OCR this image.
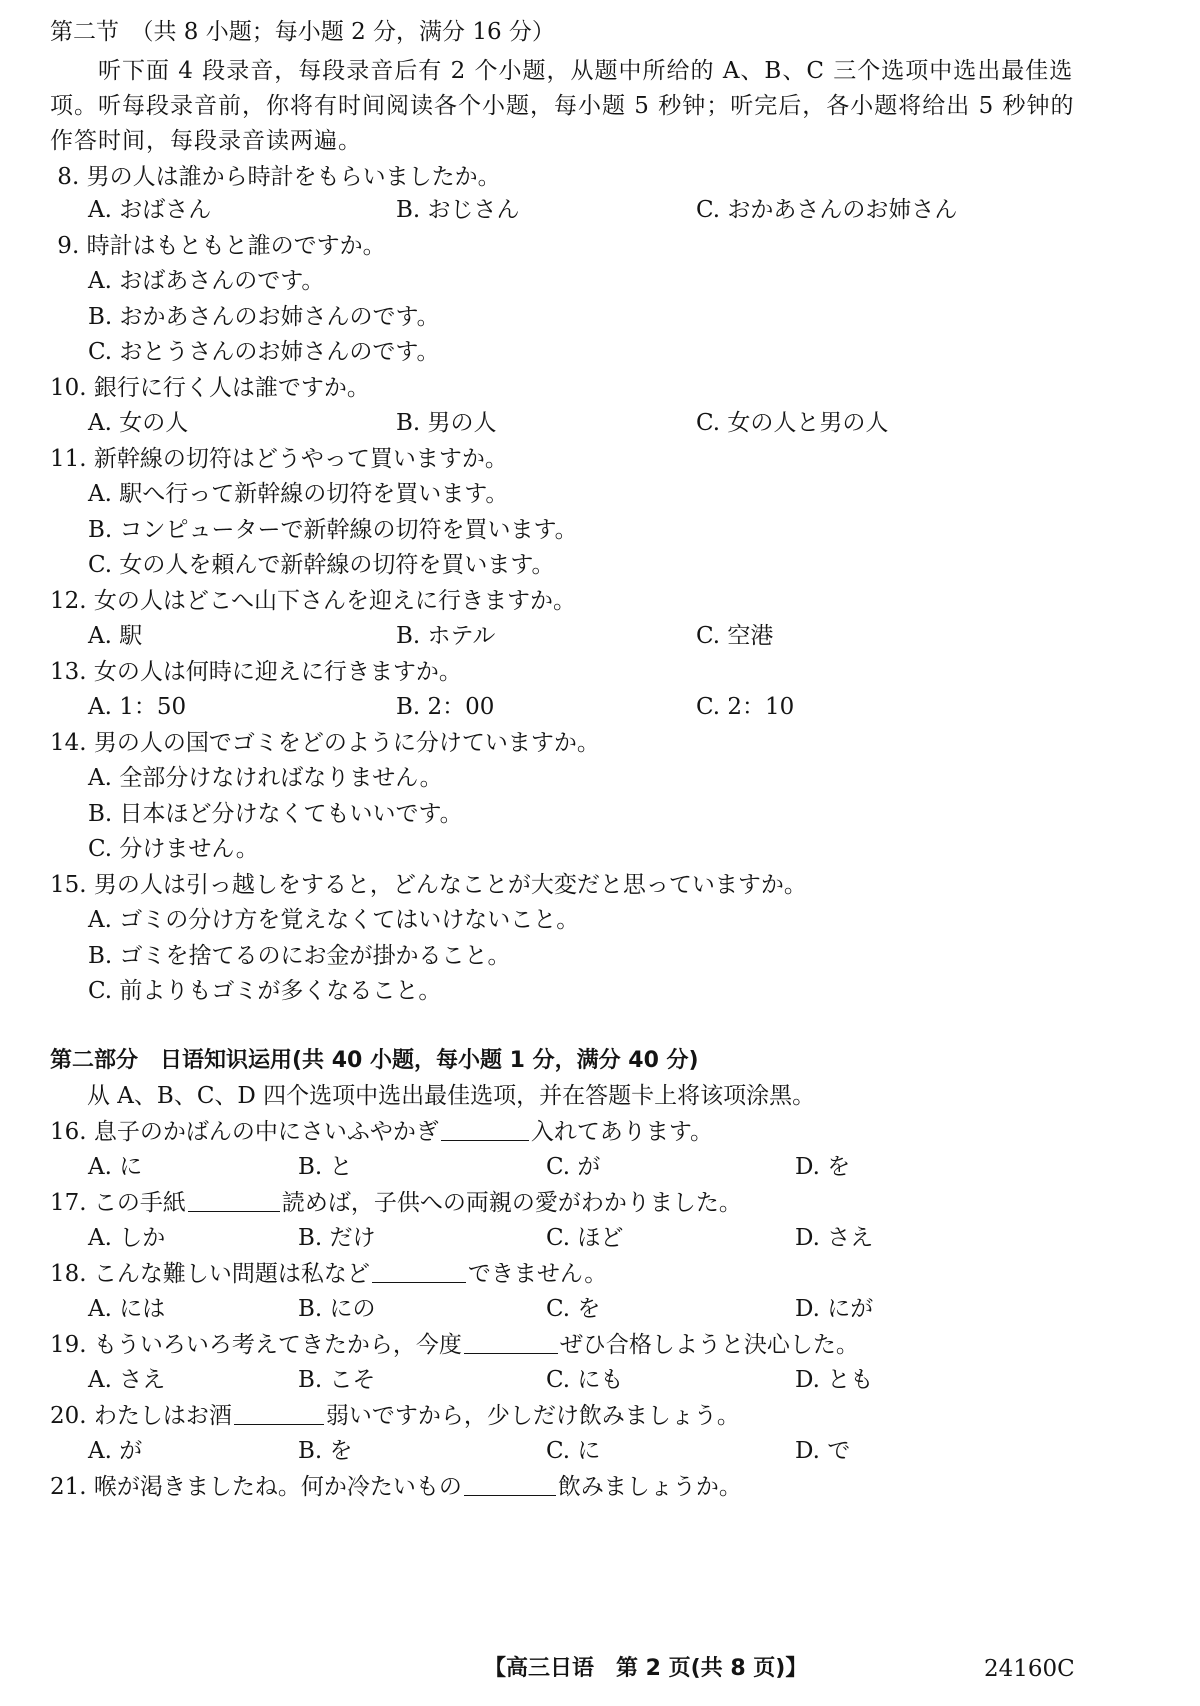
第二节　（共 8 小题；每小题 2 分，满分 16 分）
　　听下面 4 段录音，每段录音后有 2 个小题，从题中所给的 A、B、C 三个选项中选出最佳选
项。听每段录音前，你将有时间阅读各个小题，每小题 5 秒钟；听完后，各小题将给出 5 秒钟的
作答时间，每段录音读两遍。
8. 男の人は誰から時計をもらいましたか。
A. おばさん	B. おじさん	C. おかあさんのお姉さん
9. 時計はもともと誰のですか。
A. おばあさんのです。
B. おかあさんのお姉さんのです。
C. おとうさんのお姉さんのです。
10. 銀行に行く人は誰ですか。
A. 女の人	B. 男の人	C. 女の人と男の人
11. 新幹線の切符はどうやって買いますか。
A. 駅へ行って新幹線の切符を買います。
B. コンピューターで新幹線の切符を買います。
C. 女の人を頼んで新幹線の切符を買います。
12. 女の人はどこへ山下さんを迎えに行きますか。
A. 駅	B. ホテル	C. 空港
13. 女の人は何時に迎えに行きますか。
A. 1：50	B. 2：00	C. 2：10
14. 男の人の国でゴミをどのように分けていますか。
A. 全部分けなければなりません。
B. 日本ほど分けなくてもいいです。
C. 分けません。
15. 男の人は引っ越しをすると，どんなことが大変だと思っていますか。
A. ゴミの分け方を覚えなくてはいけないこと。
B. ゴミを捨てるのにお金が掛かること。
C. 前よりもゴミが多くなること。
第二部分　日语知识运用(共 40 小题，每小题 1 分，满分 40 分)
　从 A、B、C、D 四个选项中选出最佳选项，并在答题卡上将该项涂黑。
16. 息子のかばんの中にさいふやかぎ	入れてあります。
A. に	B. と	C. が	D. を
17. この手紙	読めば，子供への両親の愛がわかりました。
A. しか	B. だけ	C. ほど	D. さえ
18. こんな難しい問題は私など	できません。
A. には	B. にの	C. を	D. にが
19. もういろいろ考えてきたから，今度	ぜひ合格しようと決心した。
A. さえ	B. こそ	C. にも	D. とも
20. わたしはお酒	弱いですから，少しだけ飲みましょう。
A. が	B. を	C. に	D. で
21. 喉が渇きましたね。何か冷たいもの	飲みましょうか。
【高三日语　第 2 页(共 8 页)】	24160C
